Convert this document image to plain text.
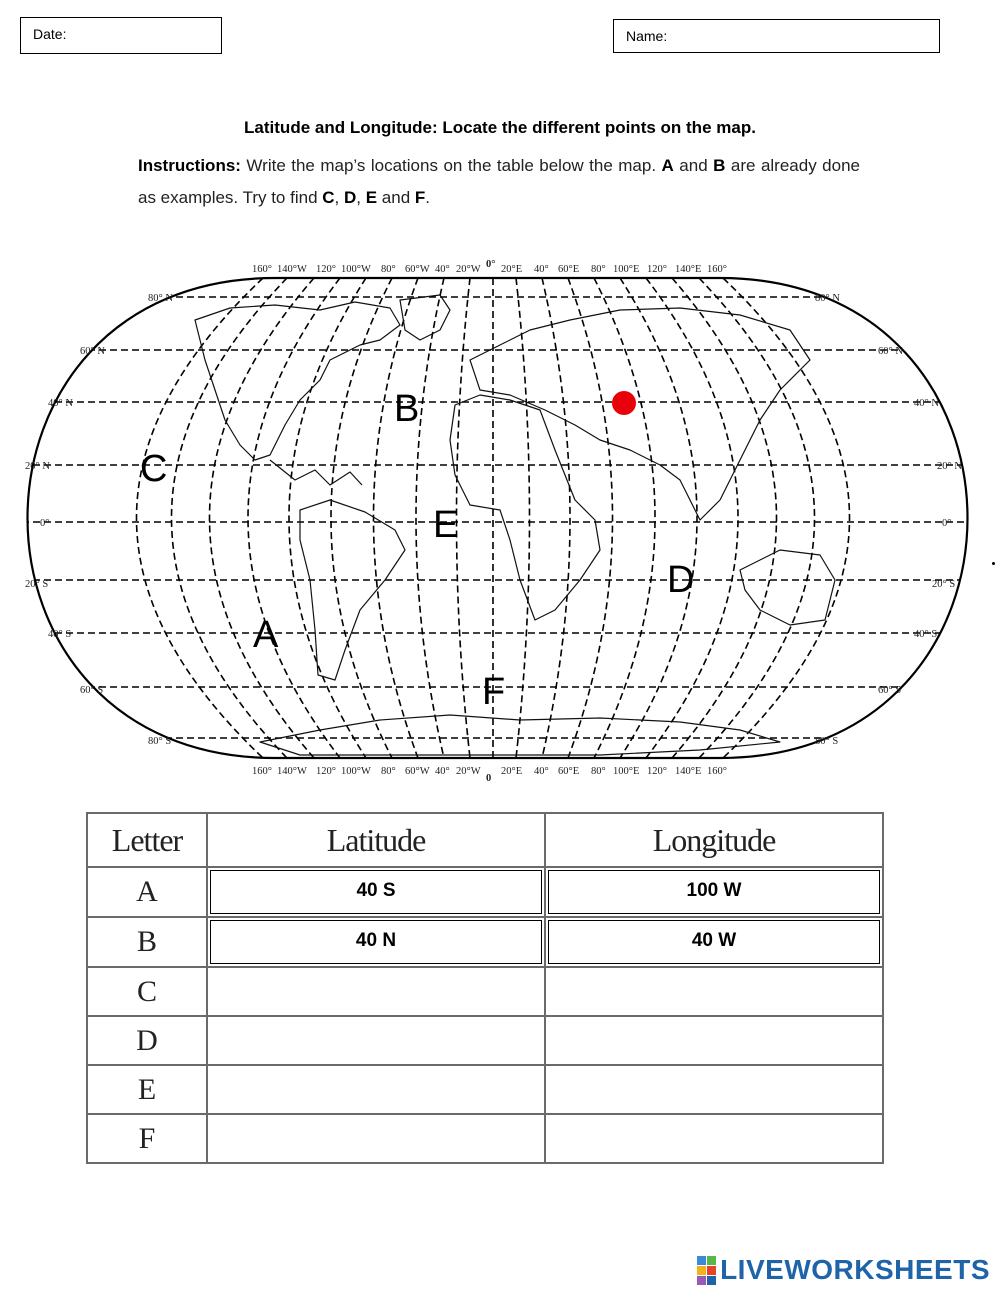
Date:	Name:
Latitude and Longitude: Locate the different points on the map.
Instructions: Write the map’s locations on the table below the map. A and B are already done as examples. Try to find C, D, E and F.
160° 140°W 120° 100°W 80° 60°W 40° 20°W 0° 20°E 40° 60°E 80° 100°E 120° 140°E 160°
160° 140°W 120° 100°W 80° 60°W 40° 20°W
0
20°E 40° 60°E 80° 100°E 120° 140°E 160°
80° N
60° N
40° N
20° N
0°
20° S
40° S
60° S
80° S
80° N
60° N
40° N
20° N
0°
20° S
40° S
60° S
80° S
B
C
E
D
A
F
Letter	Latitude	Longitude
A	40 S	100 W

B	40 N	40 W

C		
D		
E		
F		
LIVEWORKSHEETS
